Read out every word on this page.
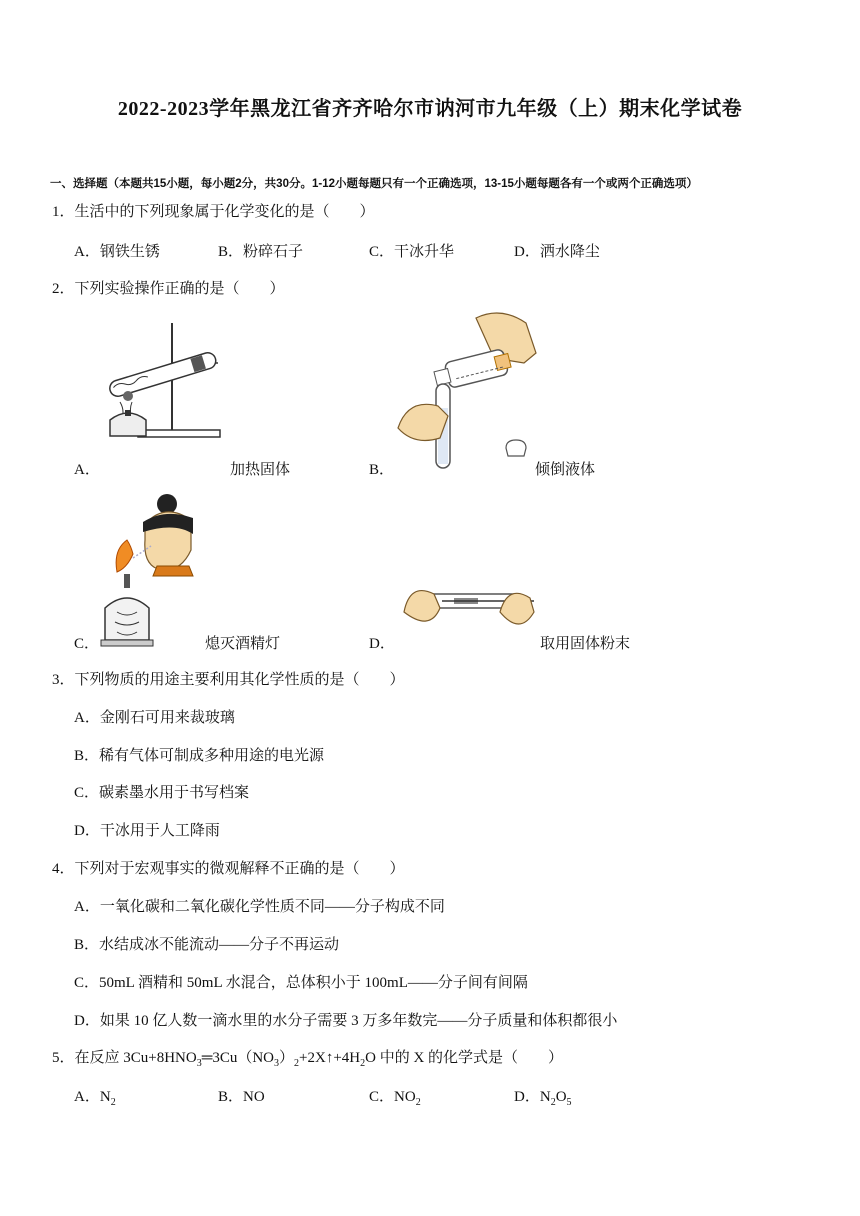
2022-2023学年黑龙江省齐齐哈尔市讷河市九年级（上）期末化学试卷
一、选择题（本题共15小题，每小题2分，共30分。1-12小题每题只有一个正确选项，13-15小题每题各有一个或两个正确选项）
1．生活中的下列现象属于化学变化的是（　　）
A．钢铁生锈	B．粉碎石子	C．干冰升华	D．洒水降尘
2．下列实验操作正确的是（　　）
A．	加热固体	B．	倾倒液体
C．	熄灭酒精灯	D．	取用固体粉末
3．下列物质的用途主要利用其化学性质的是（　　）
A．金刚石可用来裁玻璃
B．稀有气体可制成多种用途的电光源
C．碳素墨水用于书写档案
D．干冰用于人工降雨
4．下列对于宏观事实的微观解释不正确的是（　　）
A．一氧化碳和二氧化碳化学性质不同——分子构成不同
B．水结成冰不能流动——分子不再运动
C．50mL 酒精和 50mL 水混合，总体积小于 100mL——分子间有间隔
D．如果 10 亿人数一滴水里的水分子需要 3 万多年数完——分子质量和体积都很小
5．在反应 $3Cu+8HNO_3═3Cu(NO_3)_2+2X↑+4H_2O$ 中的 X 的化学式是（　　）
A．$N_2$	B．NO	C．$NO_2$	D．$N_2O_5$
